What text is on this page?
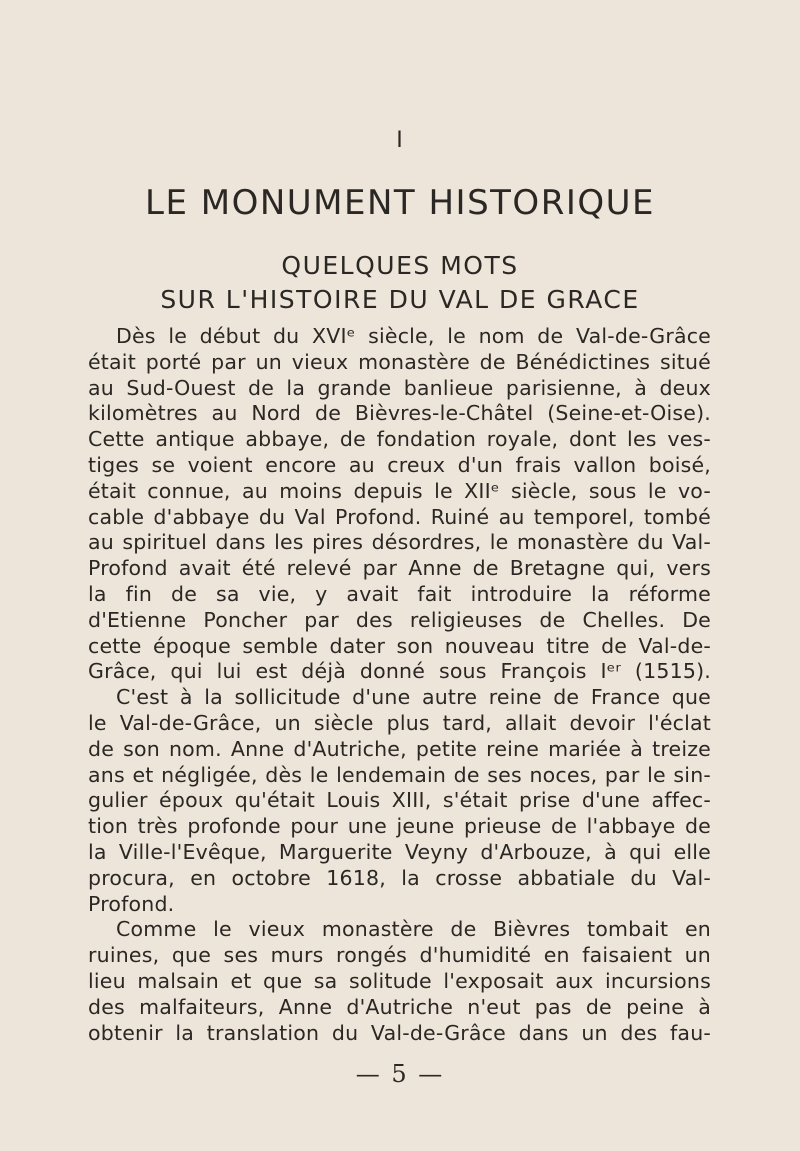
I
LE MONUMENT HISTORIQUE
QUELQUES MOTS
SUR L'HISTOIRE DU VAL DE GRACE
Dès le début du XVIᵉ siècle, le nom de Val-de-Grâce
était porté par un vieux monastère de Bénédictines situé
au Sud-Ouest de la grande banlieue parisienne, à deux
kilomètres au Nord de Bièvres-le-Châtel (Seine-et-Oise).
Cette antique abbaye, de fondation royale, dont les ves-
tiges se voient encore au creux d'un frais vallon boisé,
était connue, au moins depuis le XIIᵉ siècle, sous le vo-
cable d'abbaye du Val Profond. Ruiné au temporel, tombé
au spirituel dans les pires désordres, le monastère du Val-
Profond avait été relevé par Anne de Bretagne qui, vers
la fin de sa vie, y avait fait introduire la réforme
d'Etienne Poncher par des religieuses de Chelles. De
cette époque semble dater son nouveau titre de Val-de-
Grâce, qui lui est déjà donné sous François Iᵉʳ (1515).
C'est à la sollicitude d'une autre reine de France que
le Val-de-Grâce, un siècle plus tard, allait devoir l'éclat
de son nom. Anne d'Autriche, petite reine mariée à treize
ans et négligée, dès le lendemain de ses noces, par le sin-
gulier époux qu'était Louis XIII, s'était prise d'une affec-
tion très profonde pour une jeune prieuse de l'abbaye de
la Ville-l'Evêque, Marguerite Veyny d'Arbouze, à qui elle
procura, en octobre 1618, la crosse abbatiale du Val-
Profond.
Comme le vieux monastère de Bièvres tombait en
ruines, que ses murs rongés d'humidité en faisaient un
lieu malsain et que sa solitude l'exposait aux incursions
des malfaiteurs, Anne d'Autriche n'eut pas de peine à
obtenir la translation du Val-de-Grâce dans un des fau-
— 5 —
